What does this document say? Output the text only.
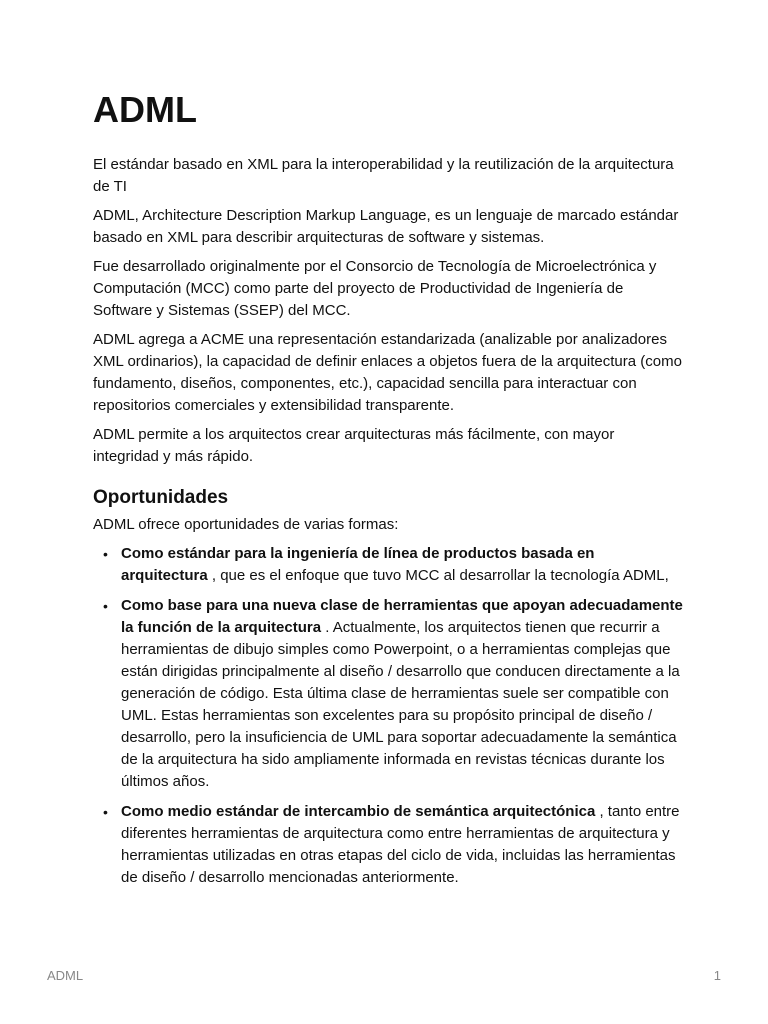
ADML

El estándar basado en XML para la interoperabilidad y la reutilización de la arquitectura de TI

ADML, Architecture Description Markup Language, es un lenguaje de marcado estándar basado en XML para describir arquitecturas de software y sistemas.

Fue desarrollado originalmente por el Consorcio de Tecnología de Microelectrónica y Computación (MCC) como parte del proyecto de Productividad de Ingeniería de Software y Sistemas (SSEP) del MCC.

ADML agrega a ACME una representación estandarizada (analizable por analizadores XML ordinarios), la capacidad de definir enlaces a objetos fuera de la arquitectura (como fundamento, diseños, componentes, etc.), capacidad sencilla para interactuar con repositorios comerciales y extensibilidad transparente.

ADML permite a los arquitectos crear arquitecturas más fácilmente, con mayor integridad y más rápido.

Oportunidades

ADML ofrece oportunidades de varias formas:

• Como estándar para la ingeniería de línea de productos basada en arquitectura , que es el enfoque que tuvo MCC al desarrollar la tecnología ADML,
• Como base para una nueva clase de herramientas que apoyan adecuadamente la función de la arquitectura . Actualmente, los arquitectos tienen que recurrir a herramientas de dibujo simples como Powerpoint, o a herramientas complejas que están dirigidas principalmente al diseño / desarrollo que conducen directamente a la generación de código. Esta última clase de herramientas suele ser compatible con UML. Estas herramientas son excelentes para su propósito principal de diseño / desarrollo, pero la insuficiencia de UML para soportar adecuadamente la semántica de la arquitectura ha sido ampliamente informada en revistas técnicas durante los últimos años.
• Como medio estándar de intercambio de semántica arquitectónica , tanto entre diferentes herramientas de arquitectura como entre herramientas de arquitectura y herramientas utilizadas en otras etapas del ciclo de vida, incluidas las herramientas de diseño / desarrollo mencionadas anteriormente.
ADML	1
